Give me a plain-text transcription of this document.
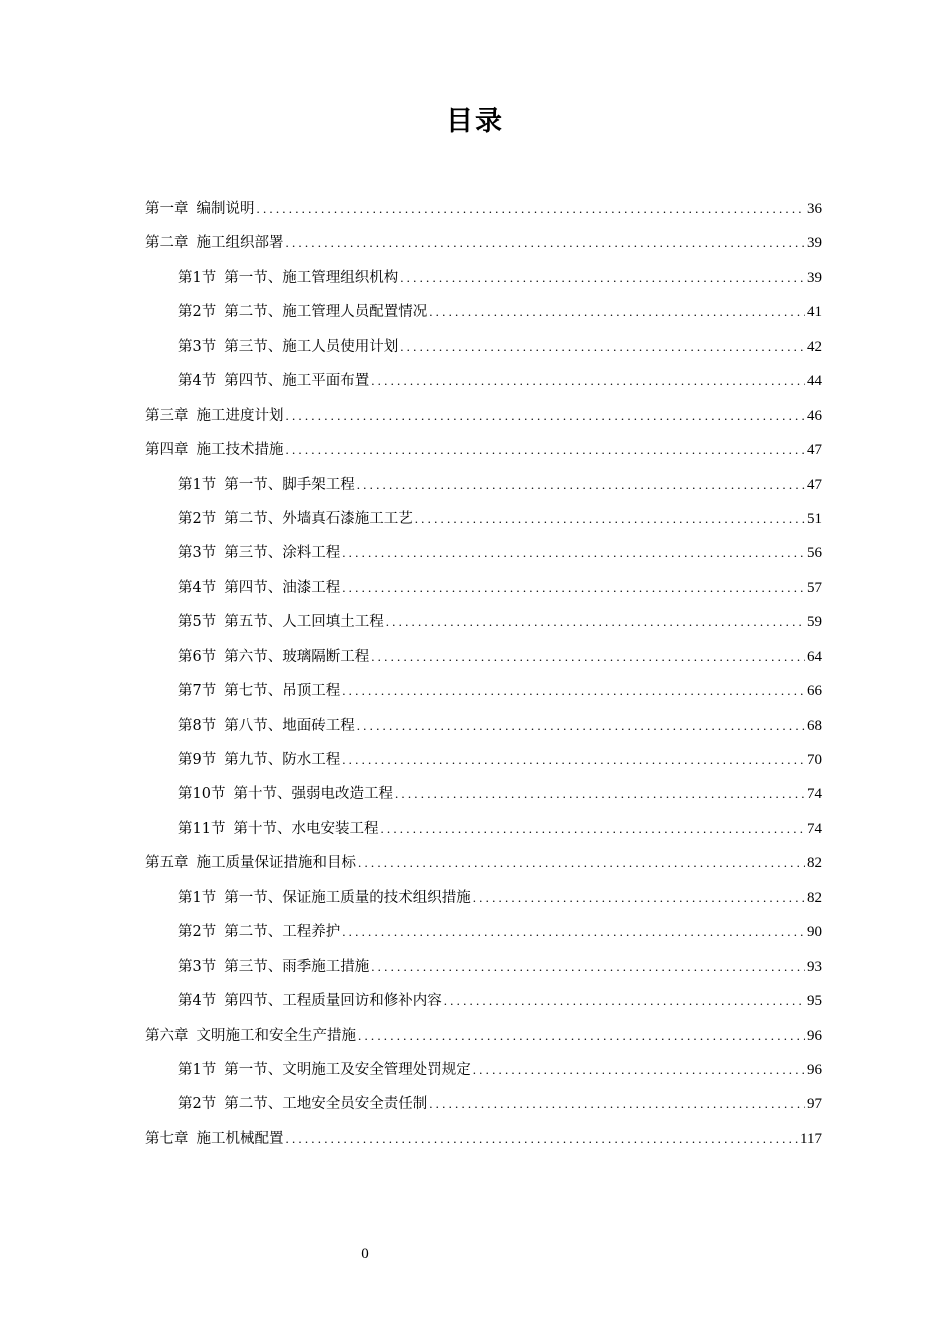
目录
第一章 编制说明 .....	36
第二章 施工组织部署 .....	39
第1节 第一节、施工管理组织机构 .....	39
第2节 第二节、施工管理人员配置情况 .....	41
第3节 第三节、施工人员使用计划 .....	42
第4节 第四节、施工平面布置 .....	44
第三章 施工进度计划 .....	46
第四章 施工技术措施 .....	47
第1节 第一节、脚手架工程 .....	47
第2节 第二节、外墙真石漆施工工艺 .....	51
第3节 第三节、涂料工程 .....	56
第4节 第四节、油漆工程 .....	57
第5节 第五节、人工回填土工程 .....	59
第6节 第六节、玻璃隔断工程 .....	64
第7节 第七节、吊顶工程 .....	66
第8节 第八节、地面砖工程 .....	68
第9节 第九节、防水工程 .....	70
第10节 第十节、强弱电改造工程 .....	74
第11节 第十节、水电安装工程 .....	74
第五章 施工质量保证措施和目标 .....	82
第1节 第一节、保证施工质量的技术组织措施 .....	82
第2节 第二节、工程养护 .....	90
第3节 第三节、雨季施工措施 .....	93
第4节 第四节、工程质量回访和修补内容 .....	95
第六章 文明施工和安全生产措施 .....	96
第1节 第一节、文明施工及安全管理处罚规定 .....	96
第2节 第二节、工地安全员安全责任制 .....	97
第七章 施工机械配置 .....	117
0
